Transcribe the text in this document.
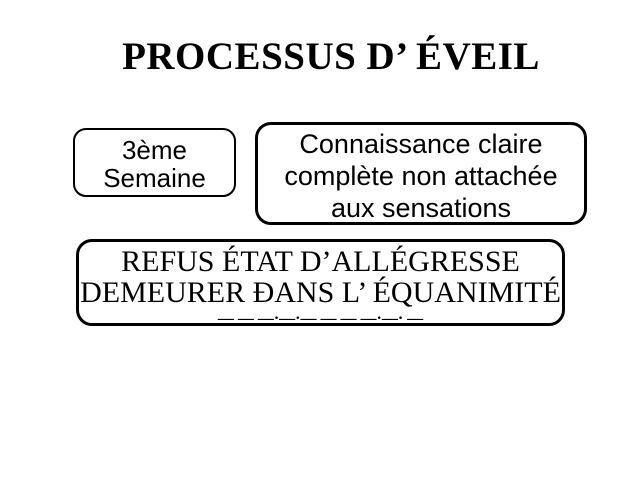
PROCESSUS D’ ÉVEIL
3ème
Semaine
Connaissance claire
complète non attachée
aux sensations
REFUS ÉTAT D’ALLÉGRESSE
DEMEURER ĐANS L’ ÉQUANIMITÉ
— — —·—·— — — —·—· —
